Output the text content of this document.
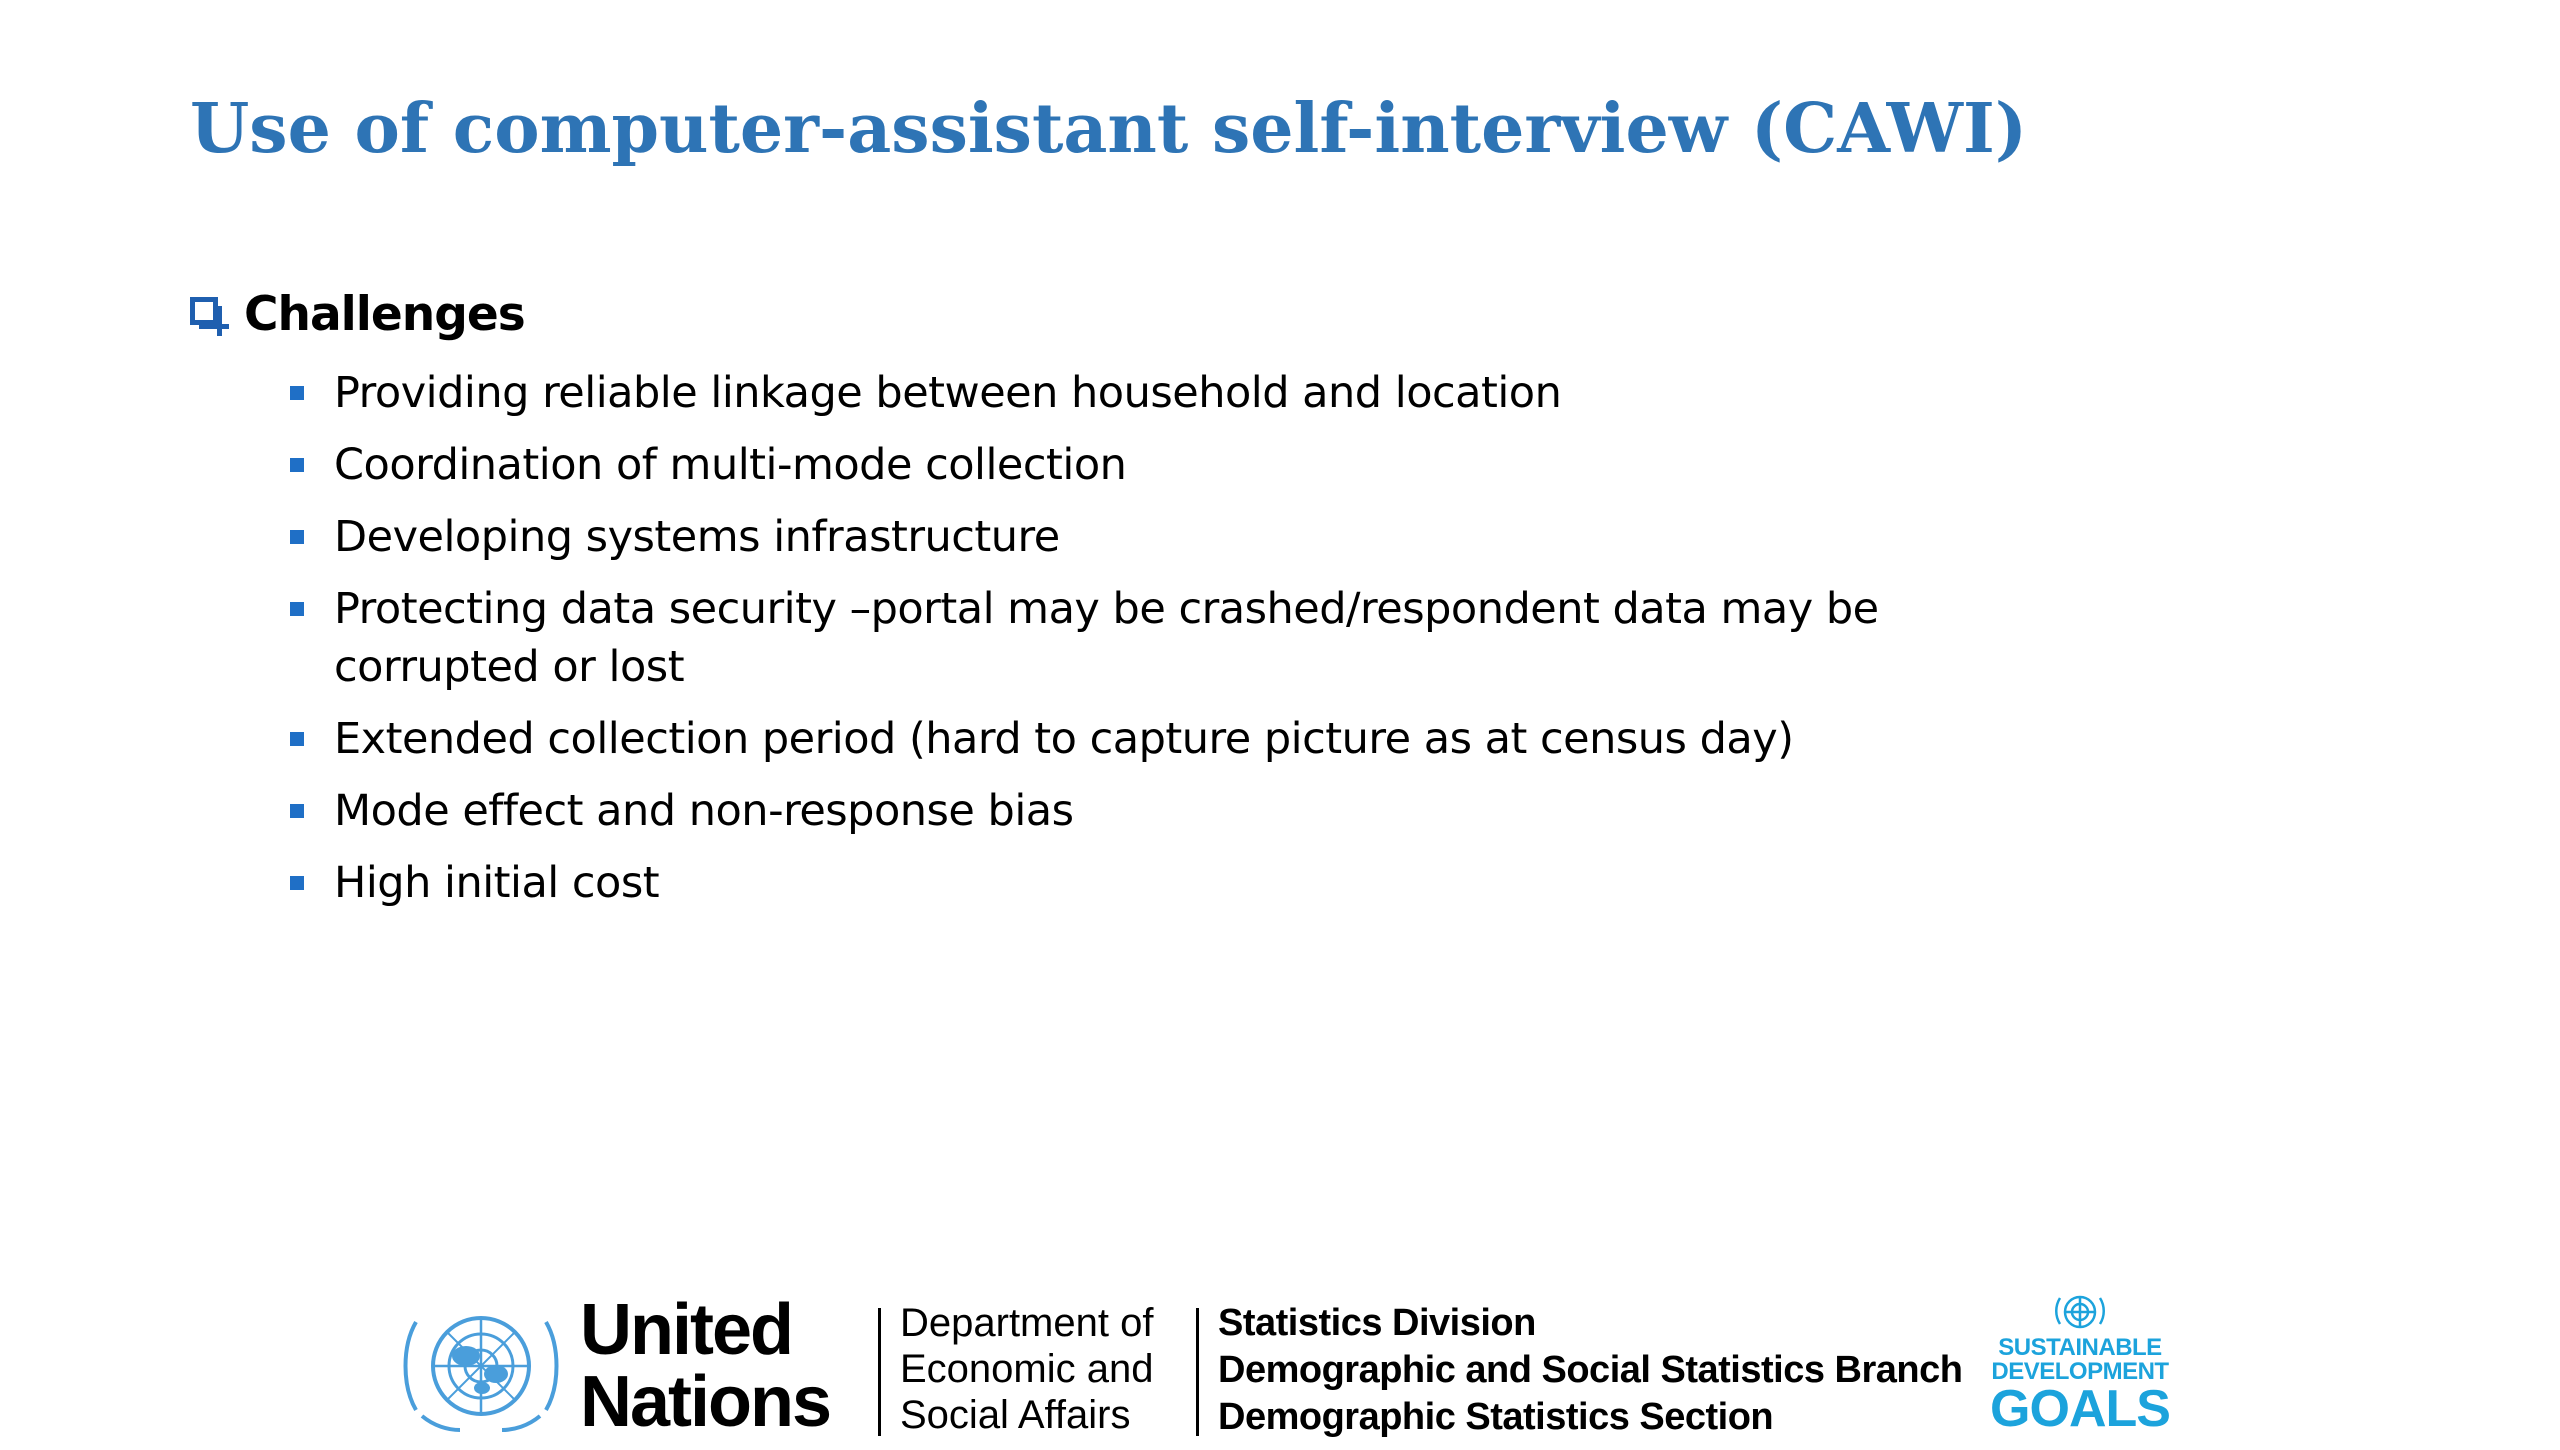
Use of computer-assistant self-interview (CAWI)
Challenges
Providing reliable linkage between household and location
Coordination of multi-mode collection
Developing systems infrastructure
Protecting data security –portal may be crashed/respondent data may be corrupted or lost
Extended collection period (hard to capture picture as at census day)
Mode effect and non-response bias
High initial cost
United
Nations
Department of
Economic and
Social Affairs
Statistics Division
Demographic and Social Statistics Branch
Demographic Statistics Section
SUSTAINABLE
DEVELOPMENT
GOALS
